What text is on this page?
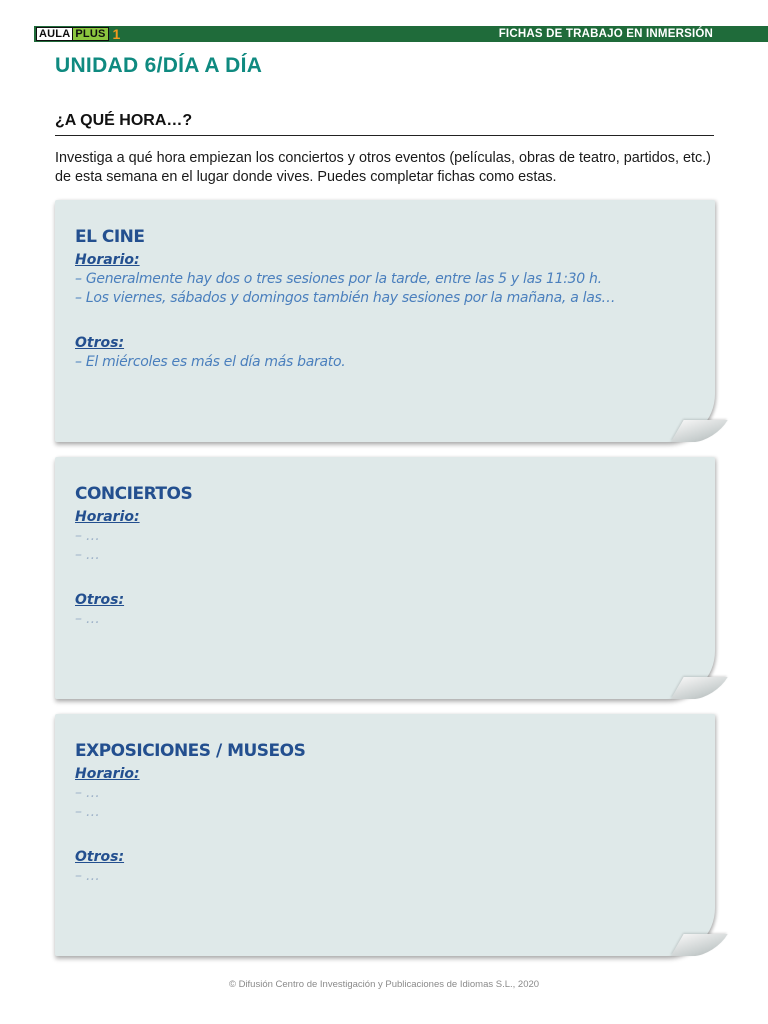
AULA PLUS 1	FICHAS DE TRABAJO EN INMERSIÓN
UNIDAD 6/DÍA A DÍA
¿A QUÉ HORA…?

Investiga a qué hora empiezan los conciertos y otros eventos (películas, obras de teatro, partidos, etc.) de esta semana en el lugar donde vives. Puedes completar fichas como estas.

EL CINE

Horario:

– Generalmente hay dos o tres sesiones por la tarde, entre las 5 y las 11:30 h.

– Los viernes, sábados y domingos también hay sesiones por la mañana, a las…

Otros:

– El miércoles es más el día más barato.

CONCIERTOS

Horario:

– …

– …

Otros:

– …

EXPOSICIONES / MUSEOS

Horario:

– …

– …

Otros:

– …

© Difusión Centro de Investigación y Publicaciones de Idiomas S.L., 2020
